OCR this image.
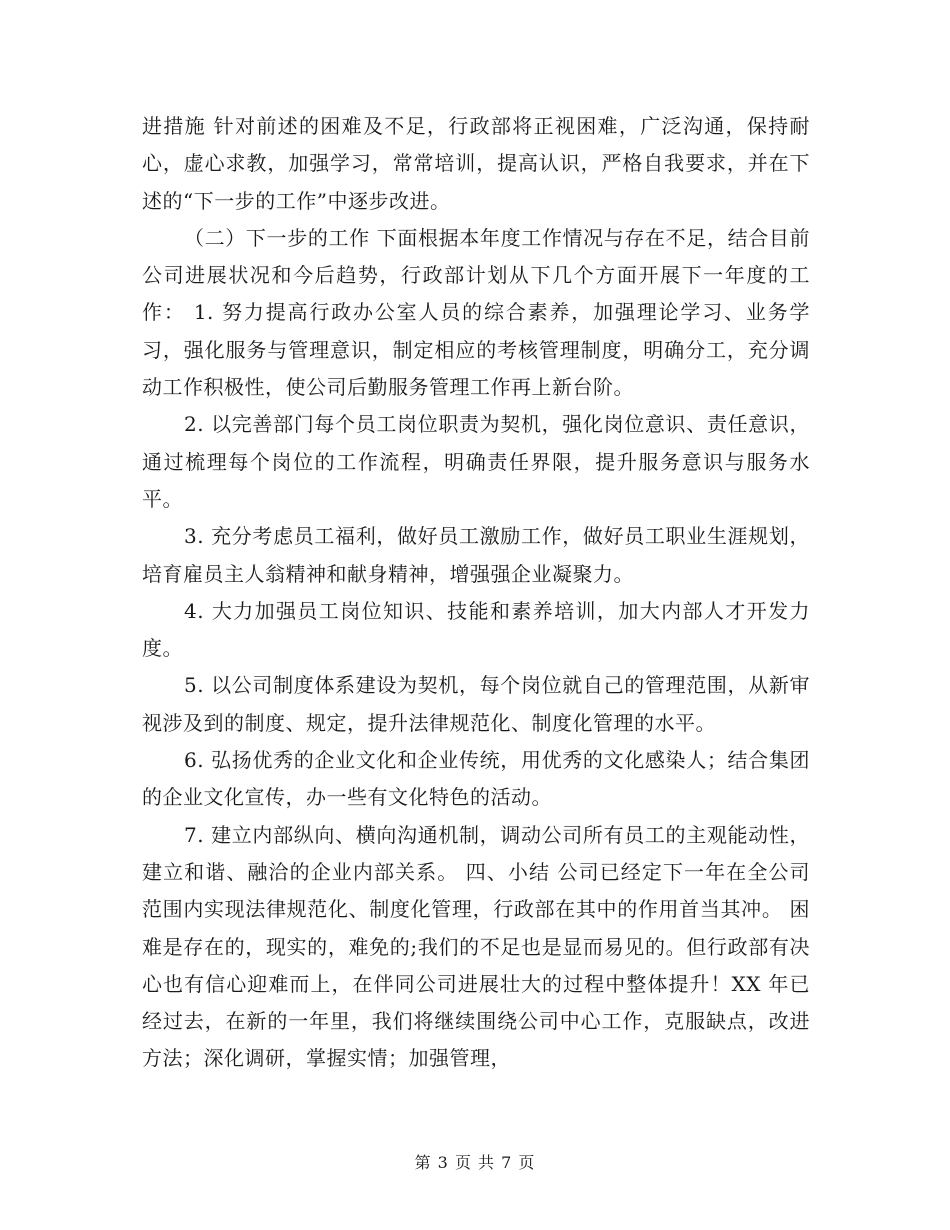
进措施 针对前述的困难及不足，行政部将正视困难，广泛沟通，保持耐心，虚心求教，加强学习，常常培训，提高认识，严格自我要求，并在下述的“下一步的工作”中逐步改进。

（二）下一步的工作 下面根据本年度工作情况与存在不足，结合目前公司进展状况和今后趋势，行政部计划从下几个方面开展下一年度的工作： 1. 努力提高行政办公室人员的综合素养，加强理论学习、业务学习，强化服务与管理意识，制定相应的考核管理制度，明确分工，充分调动工作积极性，使公司后勤服务管理工作再上新台阶。

2. 以完善部门每个员工岗位职责为契机，强化岗位意识、责任意识，通过梳理每个岗位的工作流程，明确责任界限，提升服务意识与服务水平。

3. 充分考虑员工福利，做好员工激励工作，做好员工职业生涯规划，培育雇员主人翁精神和献身精神，增强强企业凝聚力。

4. 大力加强员工岗位知识、技能和素养培训，加大内部人才开发力度。

5. 以公司制度体系建设为契机，每个岗位就自己的管理范围，从新审视涉及到的制度、规定，提升法律规范化、制度化管理的水平。

6. 弘扬优秀的企业文化和企业传统，用优秀的文化感染人；结合集团的企业文化宣传，办一些有文化特色的活动。

7. 建立内部纵向、横向沟通机制，调动公司所有员工的主观能动性，建立和谐、融洽的企业内部关系。 四、小结 公司已经定下一年在全公司范围内实现法律规范化、制度化管理，行政部在其中的作用首当其冲。 困难是存在的，现实的，难免的;我们的不足也是显而易见的。但行政部有决心也有信心迎难而上，在伴同公司进展壮大的过程中整体提升！XX 年已经过去，在新的一年里，我们将继续围绕公司中心工作，克服缺点，改进方法；深化调研，掌握实情；加强管理，

第 3 页 共 7 页
